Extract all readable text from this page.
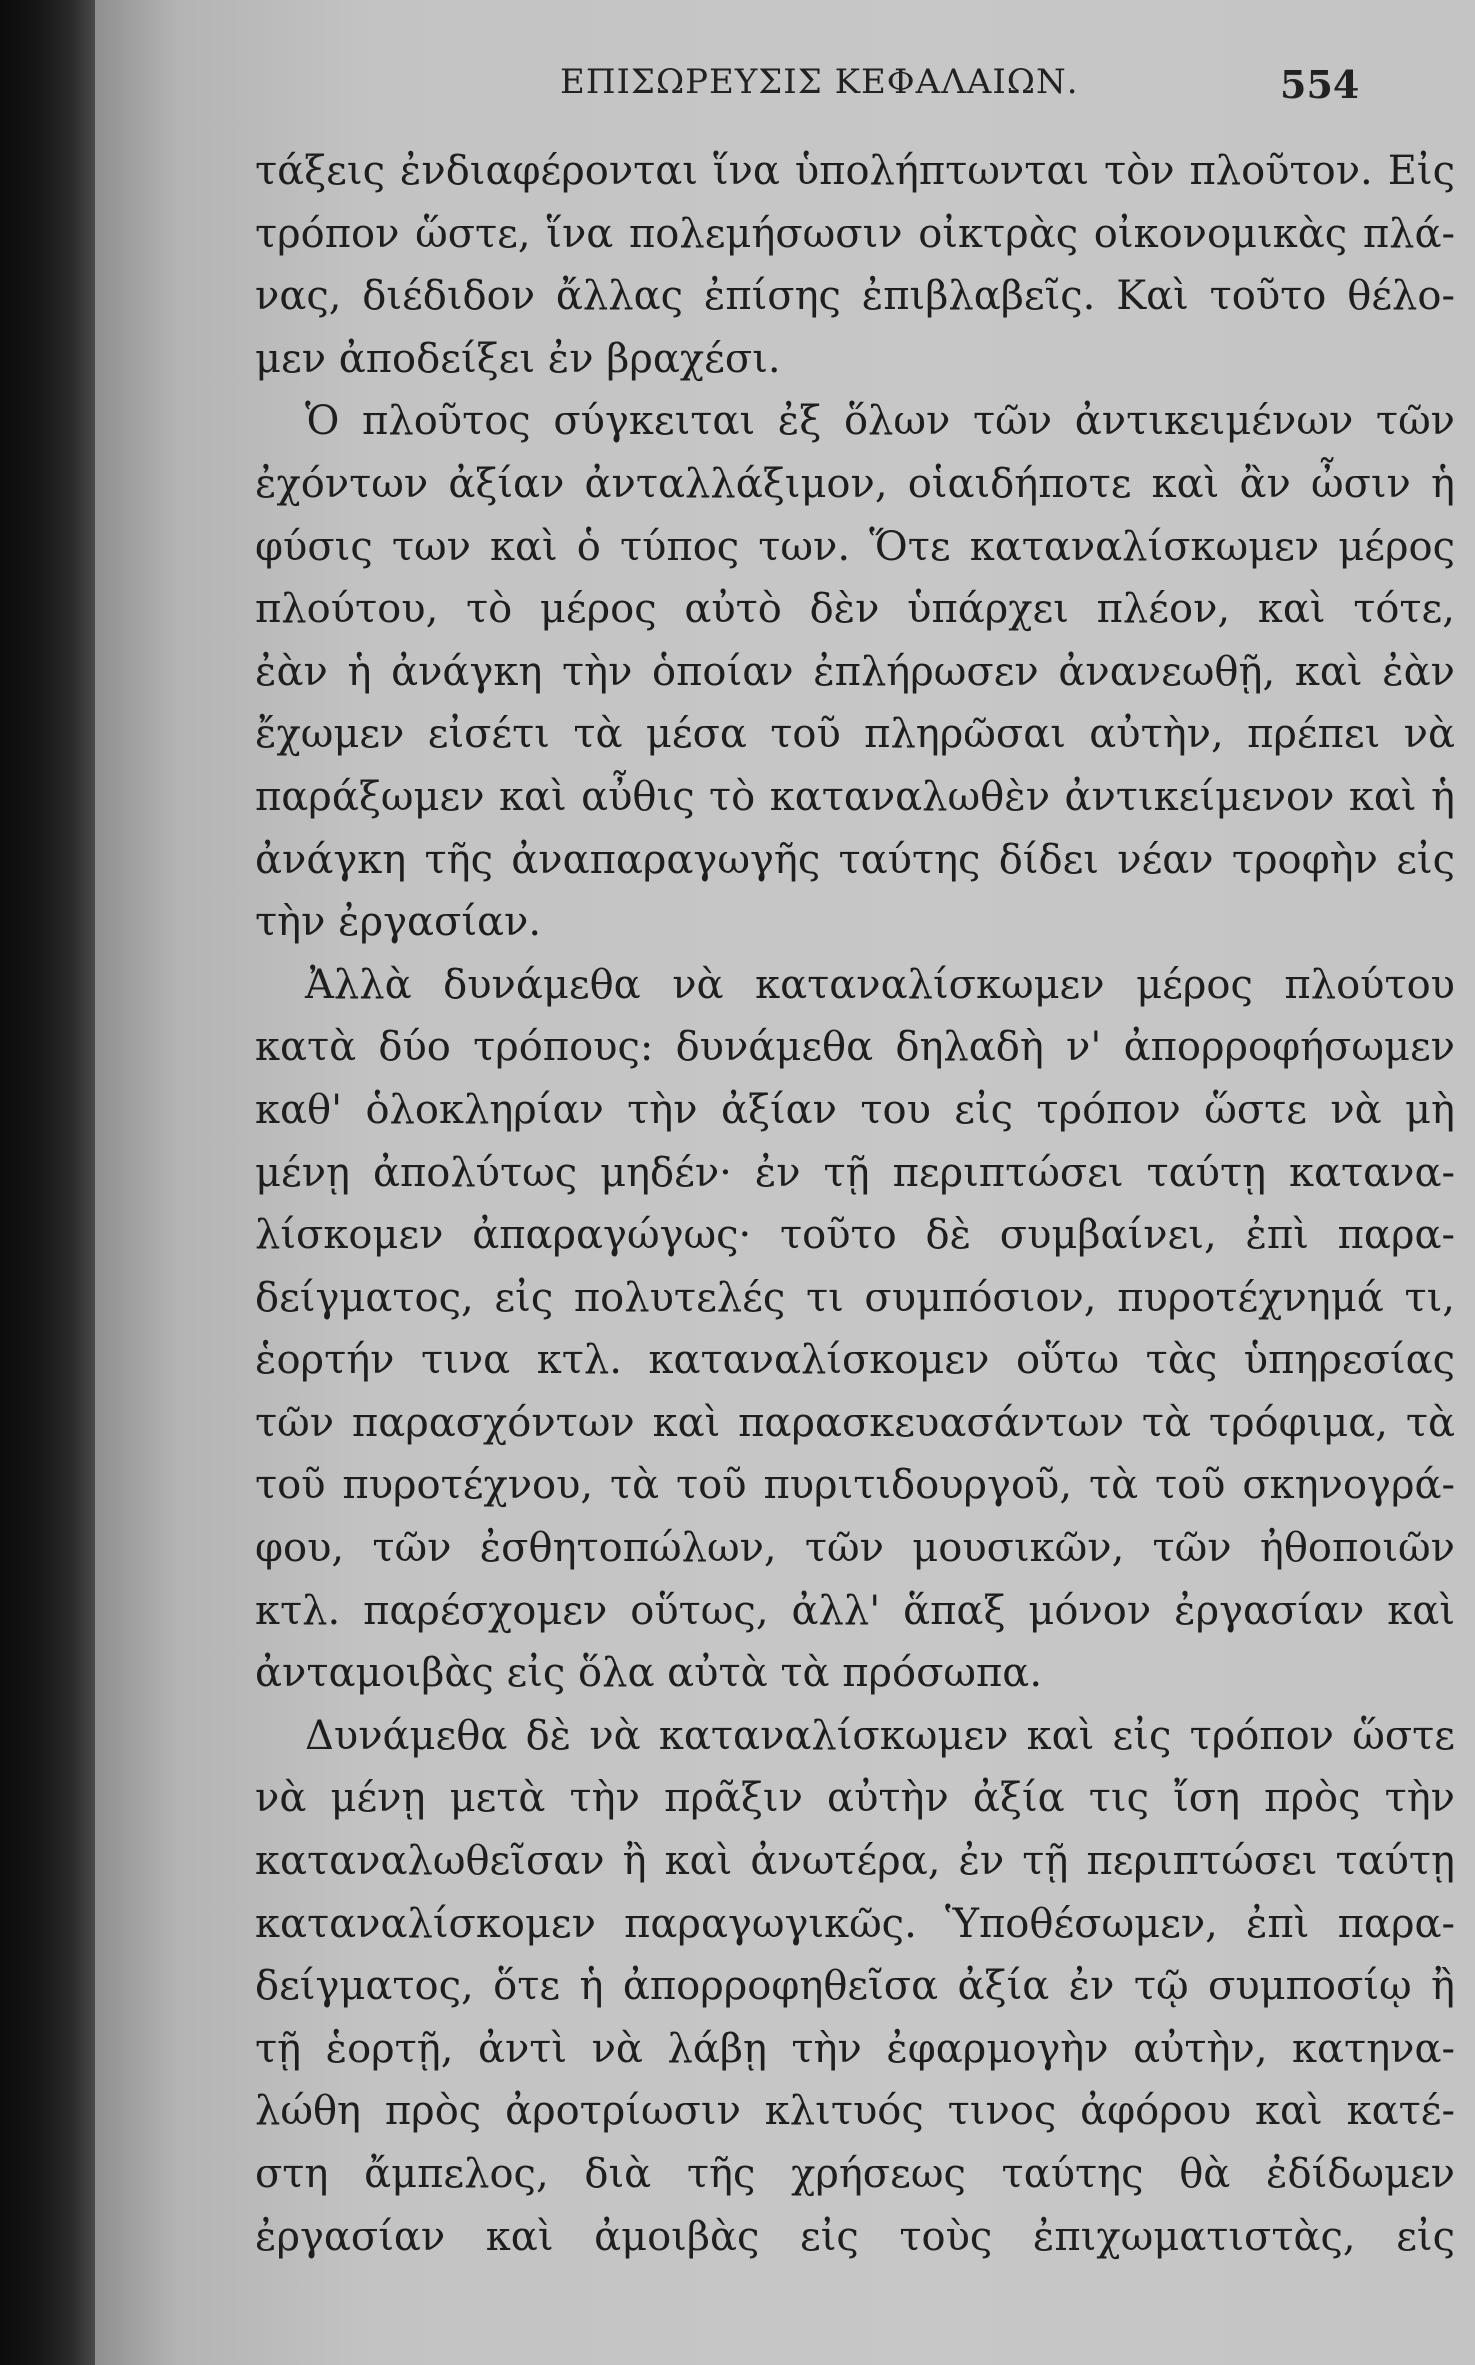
ΕΠΙΣΩΡΕΥΣΙΣ ΚΕΦΑΛΑΙΩΝ.	554
τάξεις ἐνδιαφέρονται ἵνα ὑπολήπτωνται τὸν πλοῦτον. Εἰς
τρόπον ὥστε, ἵνα πολεμήσωσιν οἰκτρὰς οἰκονομικὰς πλά-
νας, διέδιδον ἄλλας ἐπίσης ἐπιβλαβεῖς. Καὶ τοῦτο θέλο-
μεν ἀποδείξει ἐν βραχέσι.
Ὁ πλοῦτος σύγκειται ἐξ ὅλων τῶν ἀντικειμένων τῶν
ἐχόντων ἀξίαν ἀνταλλάξιμον, οἱαιδήποτε καὶ ἂν ὦσιν ἡ
φύσις των καὶ ὁ τύπος των. Ὅτε καταναλίσκωμεν μέρος
πλούτου, τὸ μέρος αὐτὸ δὲν ὑπάρχει πλέον, καὶ τότε,
ἐὰν ἡ ἀνάγκη τὴν ὁποίαν ἐπλήρωσεν ἀνανεωθῇ, καὶ ἐὰν
ἔχωμεν εἰσέτι τὰ μέσα τοῦ πληρῶσαι αὐτὴν, πρέπει νὰ
παράξωμεν καὶ αὖθις τὸ καταναλωθὲν ἀντικείμενον καὶ ἡ
ἀνάγκη τῆς ἀναπαραγωγῆς ταύτης δίδει νέαν τροφὴν εἰς
τὴν ἐργασίαν.
Ἀλλὰ δυνάμεθα νὰ καταναλίσκωμεν μέρος πλούτου
κατὰ δύο τρόπους: δυνάμεθα δηλαδὴ ν' ἀπορροφήσωμεν
καθ' ὁλοκληρίαν τὴν ἀξίαν του εἰς τρόπον ὥστε νὰ μὴ
μένῃ ἀπολύτως μηδέν· ἐν τῇ περιπτώσει ταύτῃ κατανα-
λίσκομεν ἀπαραγώγως· τοῦτο δὲ συμβαίνει, ἐπὶ παρα-
δείγματος, εἰς πολυτελές τι συμπόσιον, πυροτέχνημά τι,
ἑορτήν τινα κτλ. καταναλίσκομεν οὕτω τὰς ὑπηρεσίας
τῶν παρασχόντων καὶ παρασκευασάντων τὰ τρόφιμα, τὰ
τοῦ πυροτέχνου, τὰ τοῦ πυριτιδουργοῦ, τὰ τοῦ σκηνογρά-
φου, τῶν ἐσθητοπώλων, τῶν μουσικῶν, τῶν ἠθοποιῶν
κτλ. παρέσχομεν οὕτως, ἀλλ' ἅπαξ μόνον ἐργασίαν καὶ
ἀνταμοιβὰς εἰς ὅλα αὐτὰ τὰ πρόσωπα.
Δυνάμεθα δὲ νὰ καταναλίσκωμεν καὶ εἰς τρόπον ὥστε
νὰ μένῃ μετὰ τὴν πρᾶξιν αὐτὴν ἀξία τις ἴση πρὸς τὴν
καταναλωθεῖσαν ἢ καὶ ἀνωτέρα, ἐν τῇ περιπτώσει ταύτῃ
καταναλίσκομεν παραγωγικῶς. Ὑποθέσωμεν, ἐπὶ παρα-
δείγματος, ὅτε ἡ ἀπορροφηθεῖσα ἀξία ἐν τῷ συμποσίῳ ἢ
τῇ ἑορτῇ, ἀντὶ νὰ λάβῃ τὴν ἐφαρμογὴν αὐτὴν, κατηνα-
λώθη πρὸς ἀροτρίωσιν κλιτυός τινος ἀφόρου καὶ κατέ-
στη ἄμπελος, διὰ τῆς χρήσεως ταύτης θὰ ἐδίδωμεν
ἐργασίαν καὶ ἀμοιβὰς εἰς τοὺς ἐπιχωματιστὰς, εἰς
